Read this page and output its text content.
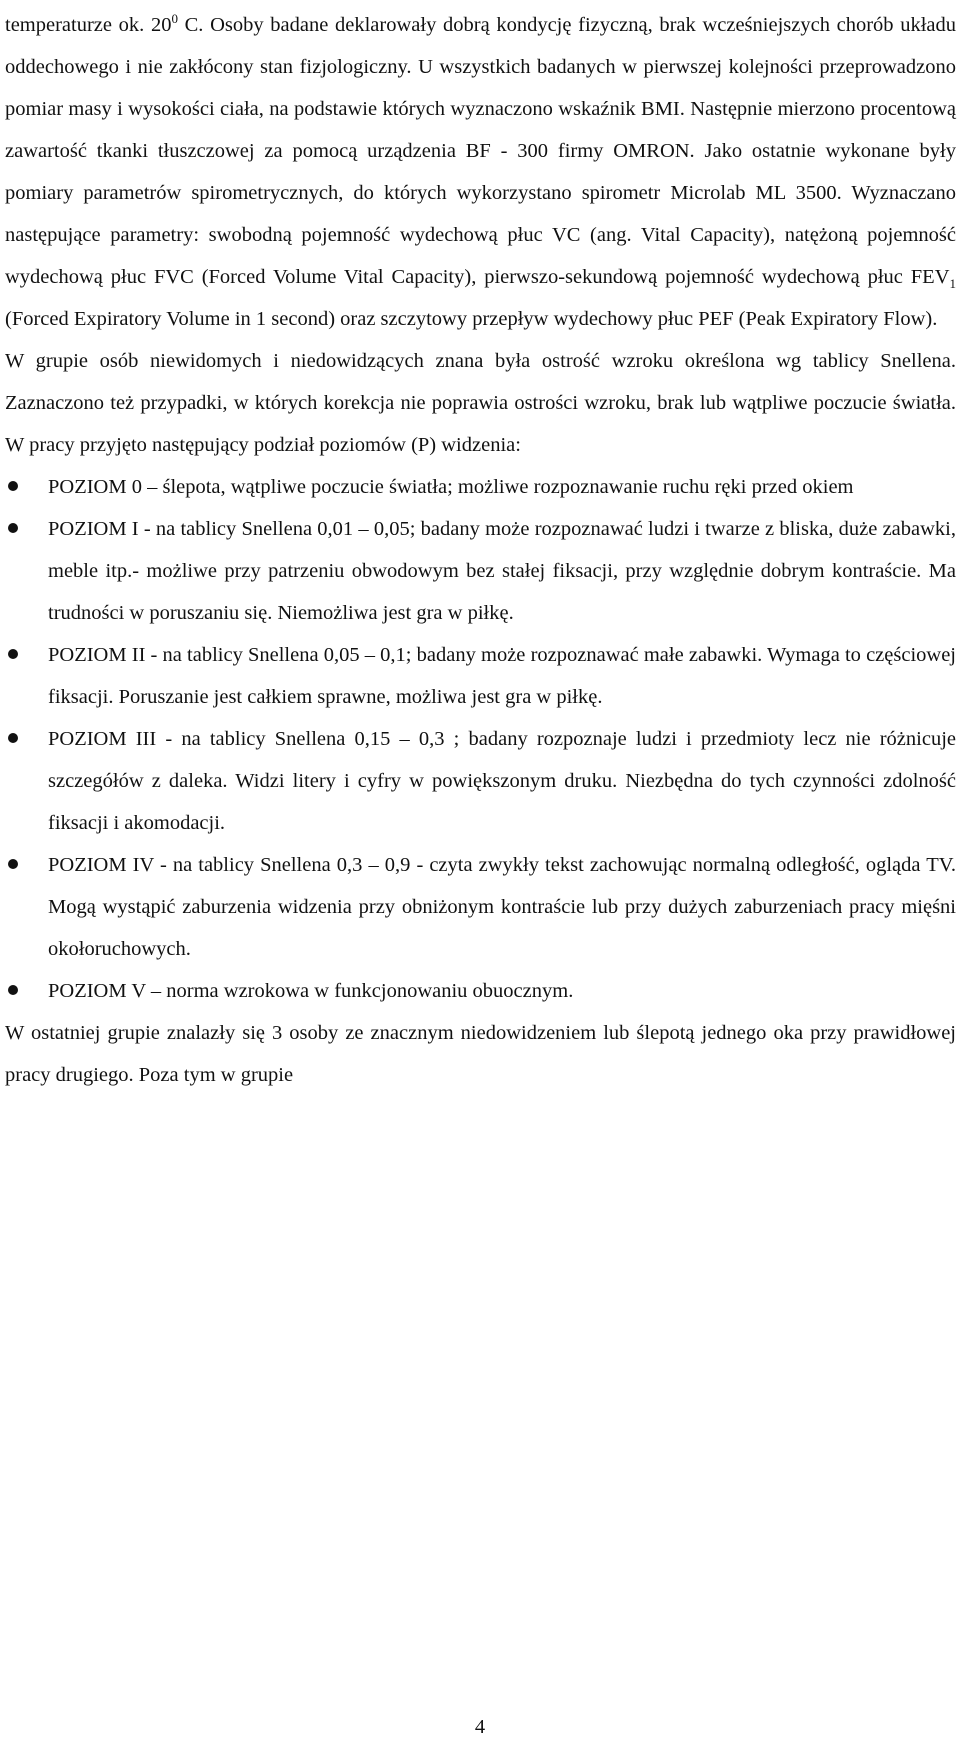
temperaturze ok. $20^0$ C. Osoby badane deklarowały dobrą kondycję fizyczną, brak wcześniejszych chorób układu oddechowego i nie zakłócony stan fizjologiczny. U wszystkich badanych w pierwszej kolejności przeprowadzono pomiar masy i wysokości ciała, na podstawie których wyznaczono wskaźnik BMI. Następnie mierzono procentową zawartość tkanki tłuszczowej za pomocą urządzenia BF - 300 firmy OMRON. Jako ostatnie wykonane były pomiary parametrów spirometrycznych, do których wykorzystano spirometr Microlab ML 3500. Wyznaczano następujące parametry: swobodną pojemność wydechową płuc VC (ang. Vital Capacity), natężoną pojemność wydechową płuc FVC (Forced Volume Vital Capacity), pierwszo-sekundową pojemność wydechową płuc $FEV_1$ (Forced Expiratory Volume in 1 second) oraz szczytowy przepływ wydechowy płuc PEF (Peak Expiratory Flow).

W grupie osób niewidomych i niedowidzących znana była ostrość wzroku określona wg tablicy Snellena. Zaznaczono też przypadki, w których korekcja nie poprawia ostrości wzroku, brak lub wątpliwe poczucie światła. W pracy przyjęto następujący podział poziomów (P) widzenia:

POZIOM 0 – ślepota, wątpliwe poczucie światła; możliwe rozpoznawanie ruchu ręki przed okiem
POZIOM I - na tablicy Snellena 0,01 – 0,05; badany może rozpoznawać ludzi i twarze z bliska, duże zabawki, meble itp.- możliwe przy patrzeniu obwodowym bez stałej fiksacji, przy względnie dobrym kontraście. Ma trudności w poruszaniu się. Niemożliwa jest gra w piłkę.
POZIOM II - na tablicy Snellena 0,05 – 0,1; badany może rozpoznawać małe zabawki. Wymaga to częściowej fiksacji. Poruszanie jest całkiem sprawne, możliwa jest gra w piłkę.
POZIOM III - na tablicy Snellena 0,15 – 0,3 ; badany rozpoznaje ludzi i przedmioty lecz nie różnicuje szczegółów z daleka. Widzi litery i cyfry w powiększonym druku. Niezbędna do tych czynności zdolność fiksacji i akomodacji.
POZIOM IV - na tablicy Snellena 0,3 – 0,9 - czyta zwykły tekst zachowując normalną odległość, ogląda TV. Mogą wystąpić zaburzenia widzenia przy obniżonym kontraście lub przy dużych zaburzeniach pracy mięśni okołoruchowych.
POZIOM V – norma wzrokowa w funkcjonowaniu obuocznym.

W ostatniej grupie znalazły się 3 osoby ze znacznym niedowidzeniem lub ślepotą jednego oka przy prawidłowej pracy drugiego. Poza tym w grupie

4
